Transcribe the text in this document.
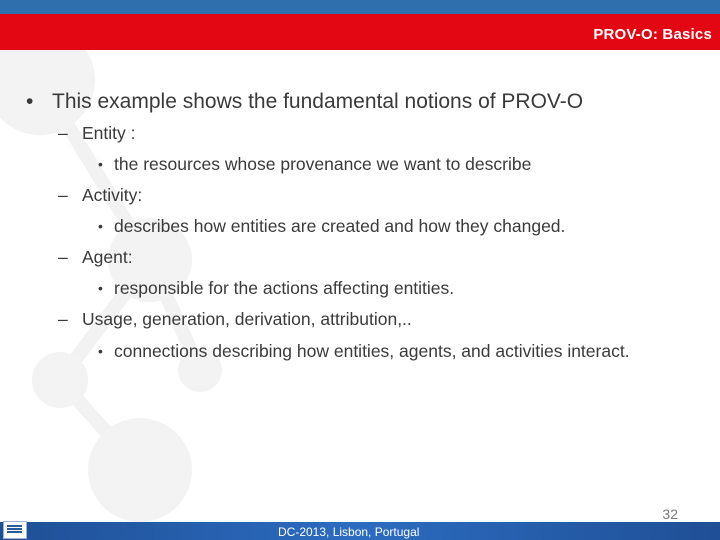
PROV-O: Basics

• This example shows the fundamental notions of PROV-O

– Entity :

• the resources whose provenance we want to describe

– Activity:

• describes how entities are created and how they changed.

– Agent:

• responsible for the actions affecting entities.

– Usage, generation, derivation, attribution,..

• connections describing how entities, agents, and activities interact.

32
DC-2013, Lisbon, Portugal
